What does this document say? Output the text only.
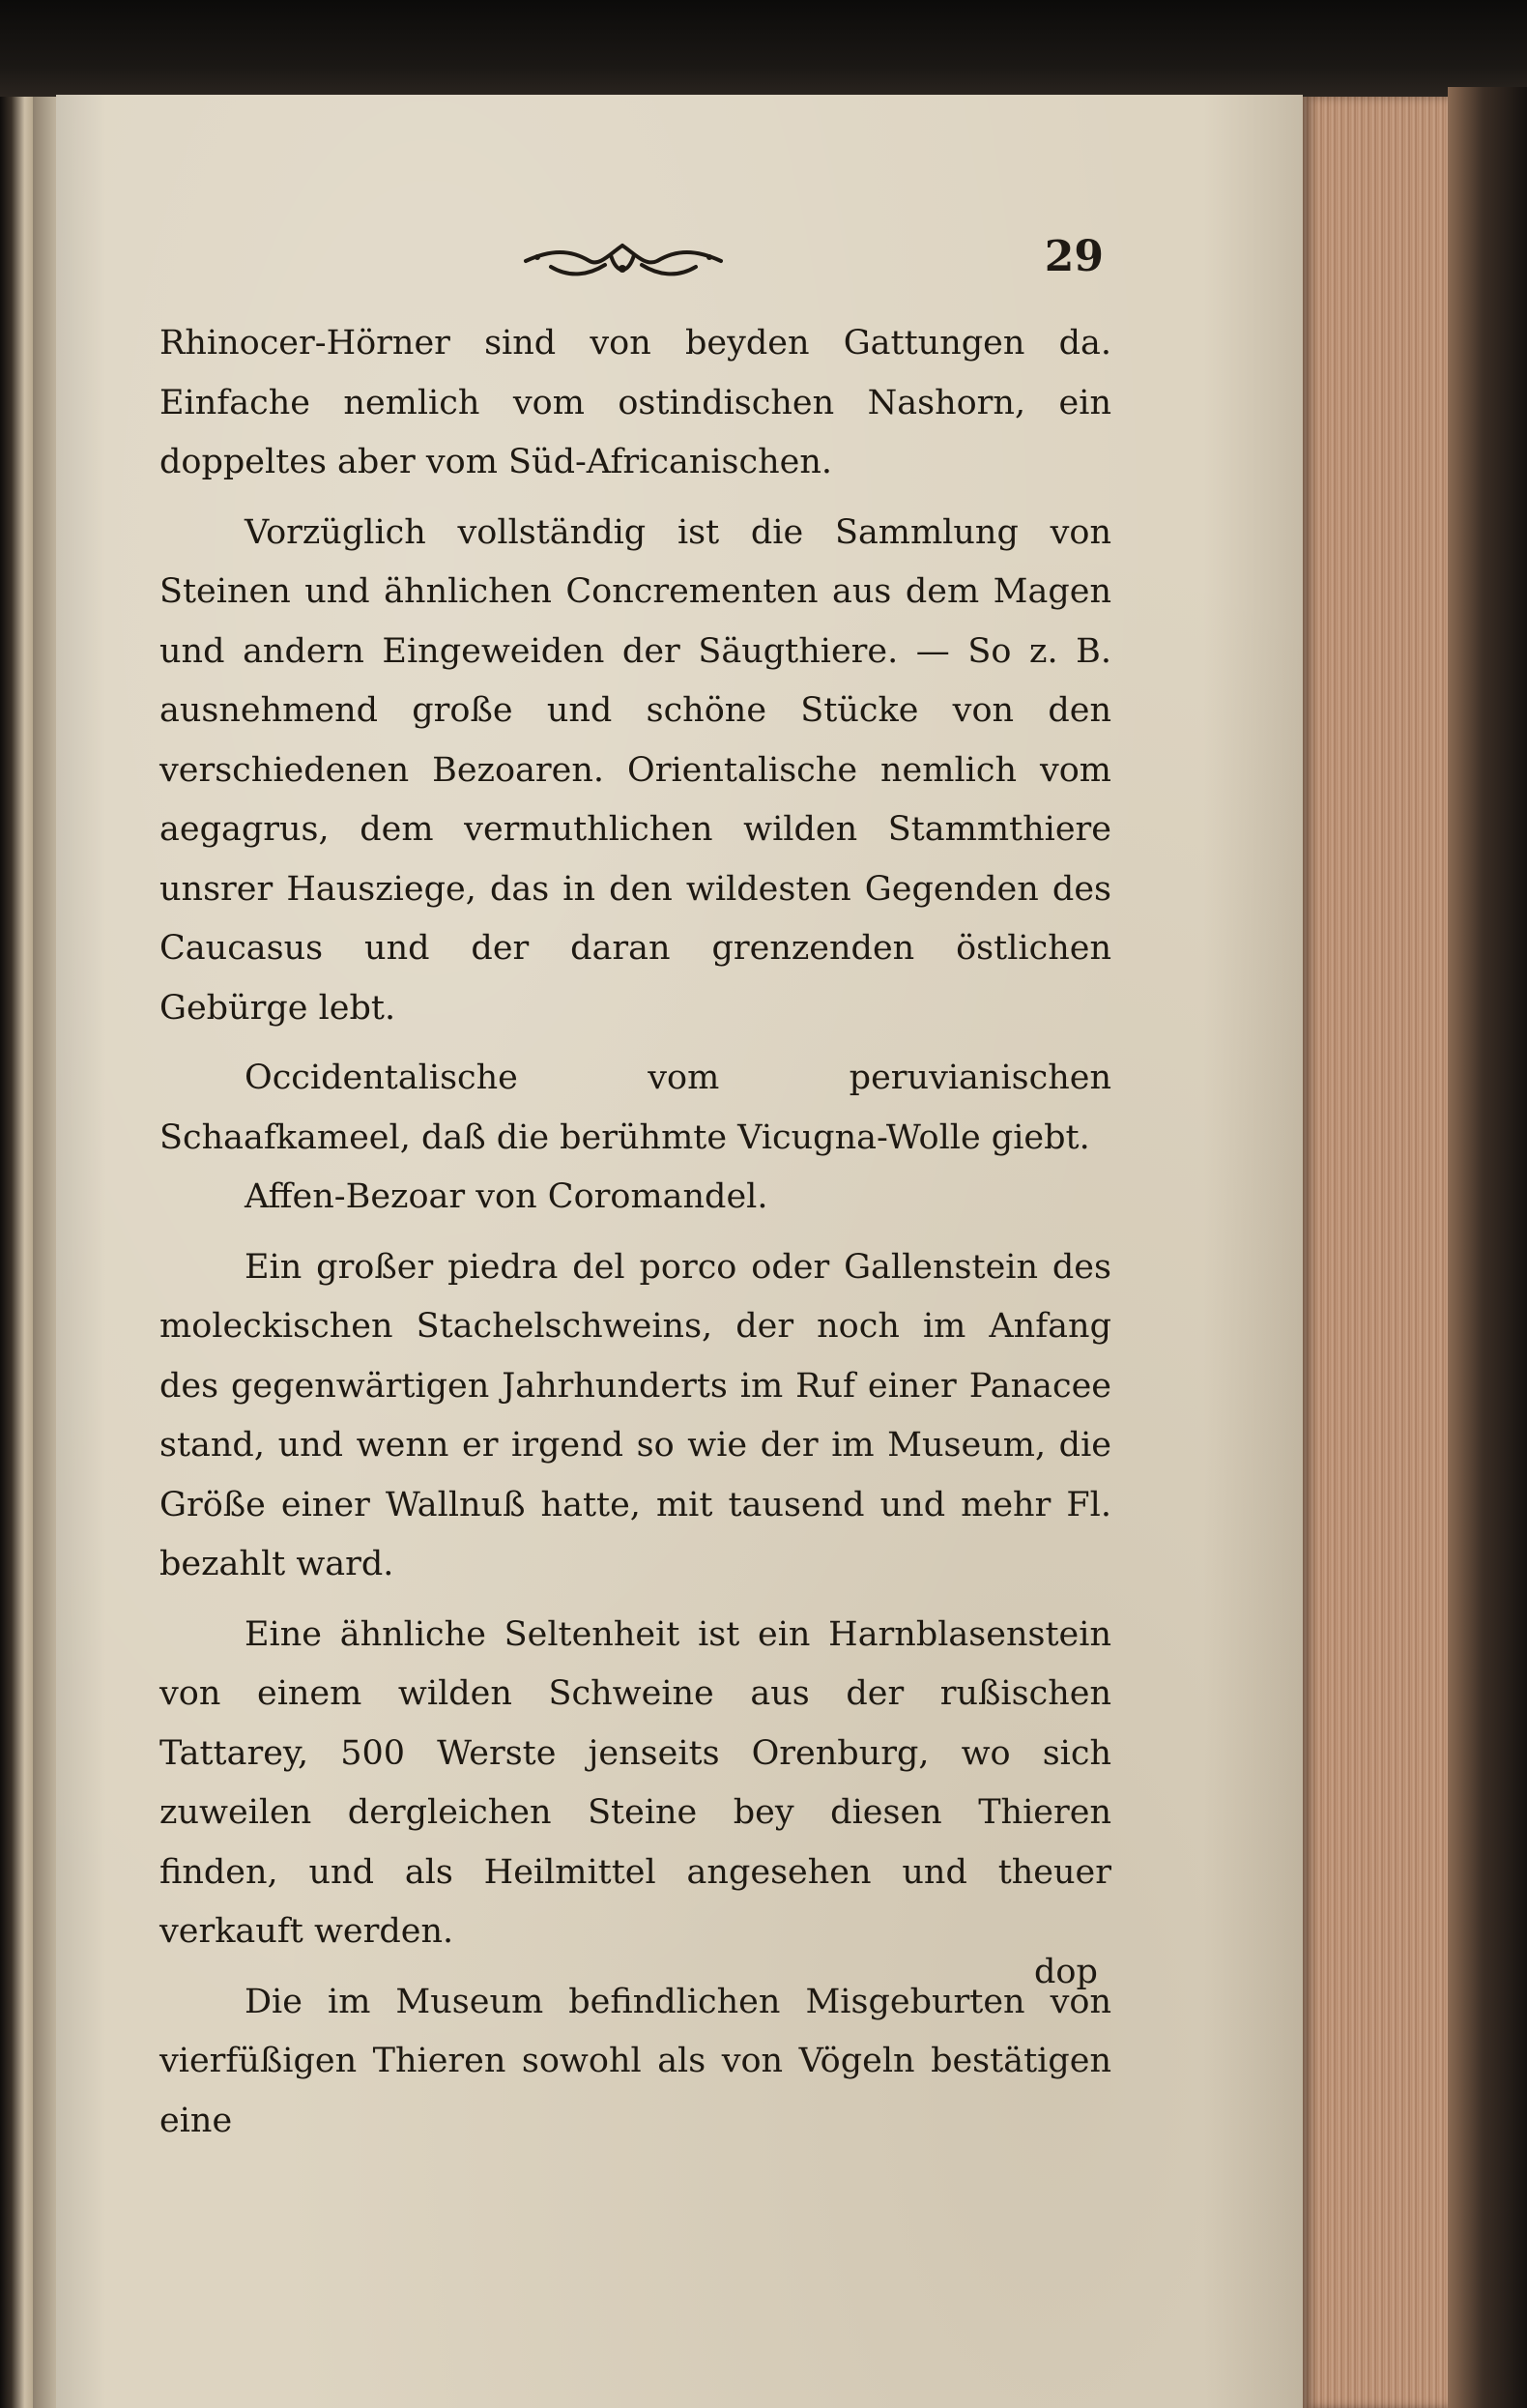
29

Rhinocer-Hörner sind von beyden Gattungen da. Einfache nemlich vom ostindischen Nashorn, ein doppeltes aber vom Süd-Africanischen.

Vorzüglich vollständig ist die Sammlung von Steinen und ähnlichen Concrementen aus dem Magen und andern Eingeweiden der Säugthiere. — So z. B. ausnehmend große und schöne Stücke von den verschiedenen Bezoaren. Orientalische nemlich vom aegagrus, dem vermuthlichen wilden Stammthiere unsrer Hausziege, das in den wildesten Gegenden des Caucasus und der daran grenzenden östlichen Gebürge lebt.

Occidentalische vom peruvianischen Schaafkameel, daß die berühmte Vicugna-Wolle giebt.

Affen-Bezoar von Coromandel.

Ein großer piedra del porco oder Gallenstein des moleckischen Stachelschweins, der noch im Anfang des gegenwärtigen Jahrhunderts im Ruf einer Panacee stand, und wenn er irgend so wie der im Museum, die Größe einer Wallnuß hatte, mit tausend und mehr Fl. bezahlt ward.

Eine ähnliche Seltenheit ist ein Harnblasenstein von einem wilden Schweine aus der rußischen Tattarey, 500 Werste jenseits Orenburg, wo sich zuweilen dergleichen Steine bey diesen Thieren finden, und als Heilmittel angesehen und theuer verkauft werden.

Die im Museum befindlichen Misgeburten von vierfüßigen Thieren sowohl als von Vögeln bestätigen eine

dop
